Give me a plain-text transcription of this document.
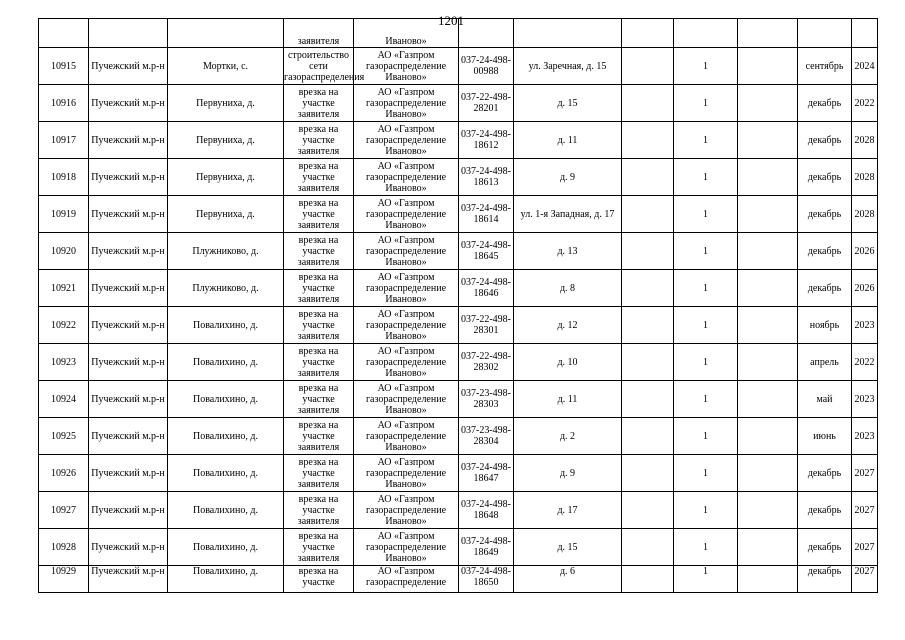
1201
			заявителя	Иваново»							
10915	Пучежский м.р-н	Мортки, с.	строительство сети газораспределения	АО «Газпром газораспределение Иваново»	037-24-498-00988	ул. Заречная, д. 15		1		сентябрь	2024
10916	Пучежский м.р-н	Первуниха, д.	врезка на участке заявителя	АО «Газпром газораспределение Иваново»	037-22-498-28201	д. 15		1		декабрь	2022
10917	Пучежский м.р-н	Первуниха, д.	врезка на участке заявителя	АО «Газпром газораспределение Иваново»	037-24-498-18612	д. 11		1		декабрь	2028
10918	Пучежский м.р-н	Первуниха, д.	врезка на участке заявителя	АО «Газпром газораспределение Иваново»	037-24-498-18613	д. 9		1		декабрь	2028
10919	Пучежский м.р-н	Первуниха, д.	врезка на участке заявителя	АО «Газпром газораспределение Иваново»	037-24-498-18614	ул. 1-я Западная, д. 17		1		декабрь	2028
10920	Пучежский м.р-н	Плужниково, д.	врезка на участке заявителя	АО «Газпром газораспределение Иваново»	037-24-498-18645	д. 13		1		декабрь	2026
10921	Пучежский м.р-н	Плужниково, д.	врезка на участке заявителя	АО «Газпром газораспределение Иваново»	037-24-498-18646	д. 8		1		декабрь	2026
10922	Пучежский м.р-н	Повалихино, д.	врезка на участке заявителя	АО «Газпром газораспределение Иваново»	037-22-498-28301	д. 12		1		ноябрь	2023
10923	Пучежский м.р-н	Повалихино, д.	врезка на участке заявителя	АО «Газпром газораспределение Иваново»	037-22-498-28302	д. 10		1		апрель	2022
10924	Пучежский м.р-н	Повалихино, д.	врезка на участке заявителя	АО «Газпром газораспределение Иваново»	037-23-498-28303	д. 11		1		май	2023
10925	Пучежский м.р-н	Повалихино, д.	врезка на участке заявителя	АО «Газпром газораспределение Иваново»	037-23-498-28304	д. 2		1		июнь	2023
10926	Пучежский м.р-н	Повалихино, д.	врезка на участке заявителя	АО «Газпром газораспределение Иваново»	037-24-498-18647	д. 9		1		декабрь	2027
10927	Пучежский м.р-н	Повалихино, д.	врезка на участке заявителя	АО «Газпром газораспределение Иваново»	037-24-498-18648	д. 17		1		декабрь	2027
10928	Пучежский м.р-н	Повалихино, д.	врезка на участке заявителя	АО «Газпром газораспределение Иваново»	037-24-498-18649	д. 15		1		декабрь	2027
10929	Пучежский м.р-н	Повалихино, д.	врезка на участке	АО «Газпром газораспределение	037-24-498-18650	д. 6		1		декабрь	2027
